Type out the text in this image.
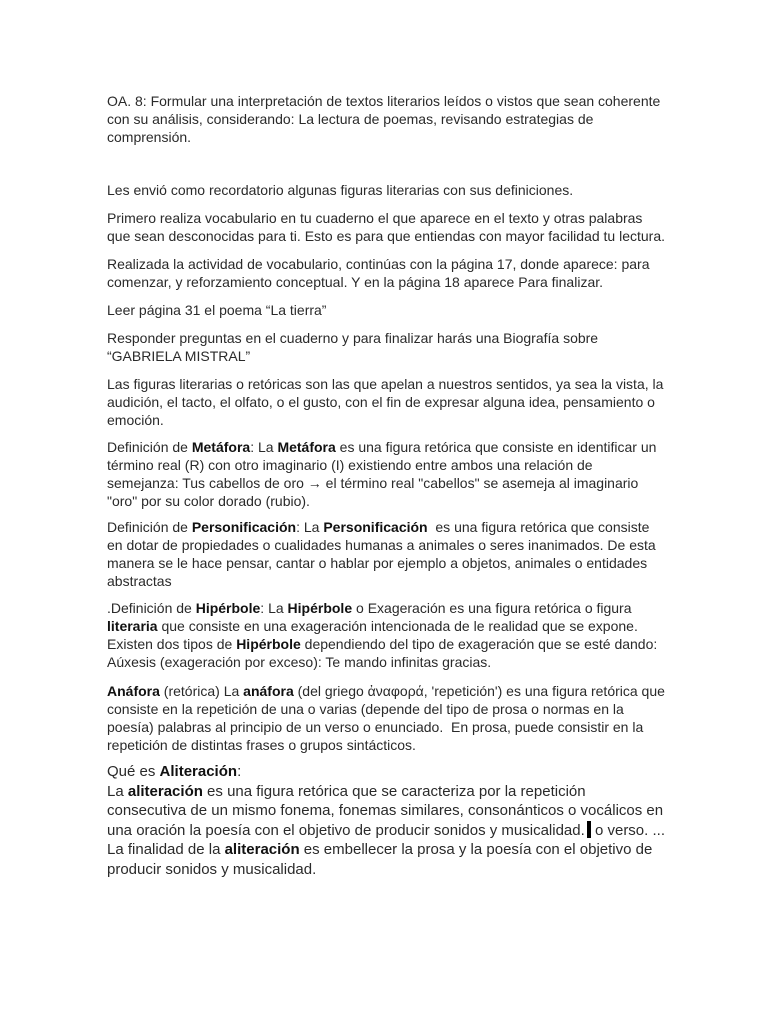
OA. 8: Formular una interpretación de textos literarios leídos o vistos que sean coherente con su análisis, considerando: La lectura de poemas, revisando estrategias de comprensión.

Les envió como recordatorio algunas figuras literarias con sus definiciones.

Primero realiza vocabulario en tu cuaderno el que aparece en el texto y otras palabras que sean desconocidas para ti. Esto es para que entiendas con mayor facilidad tu lectura.

Realizada la actividad de vocabulario, continúas con la página 17, donde aparece: para comenzar, y reforzamiento conceptual. Y en la página 18 aparece Para finalizar.

Leer página 31 el poema “La tierra”

Responder preguntas en el cuaderno y para finalizar harás una Biografía sobre “GABRIELA MISTRAL”

Las figuras literarias o retóricas son las que apelan a nuestros sentidos, ya sea la vista, la audición, el tacto, el olfato, o el gusto, con el fin de expresar alguna idea, pensamiento o emoción.

Definición de Metáfora: La Metáfora es una figura retórica que consiste en identificar un término real (R) con otro imaginario (I) existiendo entre ambos una relación de semejanza: Tus cabellos de oro → el término real "cabellos" se asemeja al imaginario "oro" por su color dorado (rubio).

Definición de Personificación: La Personificación  es una figura retórica que consiste en dotar de propiedades o cualidades humanas a animales o seres inanimados. De esta manera se le hace pensar, cantar o hablar por ejemplo a objetos, animales o entidades abstractas

.Definición de Hipérbole: La Hipérbole o Exageración es una figura retórica o figura literaria que consiste en una exageración intencionada de le realidad que se expone. Existen dos tipos de Hipérbole dependiendo del tipo de exageración que se esté dando: Aúxesis (exageración por exceso): Te mando infinitas gracias.

Anáfora (retórica) La anáfora (del griego ἀναφορά, 'repetición') es una figura retórica que consiste en la repetición de una o varias (depende del tipo de prosa o normas en la poesía) palabras al principio de un verso o enunciado.  En prosa, puede consistir en la repetición de distintas frases o grupos sintácticos.

Qué es Aliteración:
La aliteración es una figura retórica que se caracteriza por la repetición consecutiva de un mismo fonema, fonemas similares, consonánticos o vocálicos en una oración la poesía con el objetivo de producir sonidos y musicalidad. o verso. ... La finalidad de la aliteración es embellecer la prosa y la poesía con el objetivo de producir sonidos y musicalidad.
